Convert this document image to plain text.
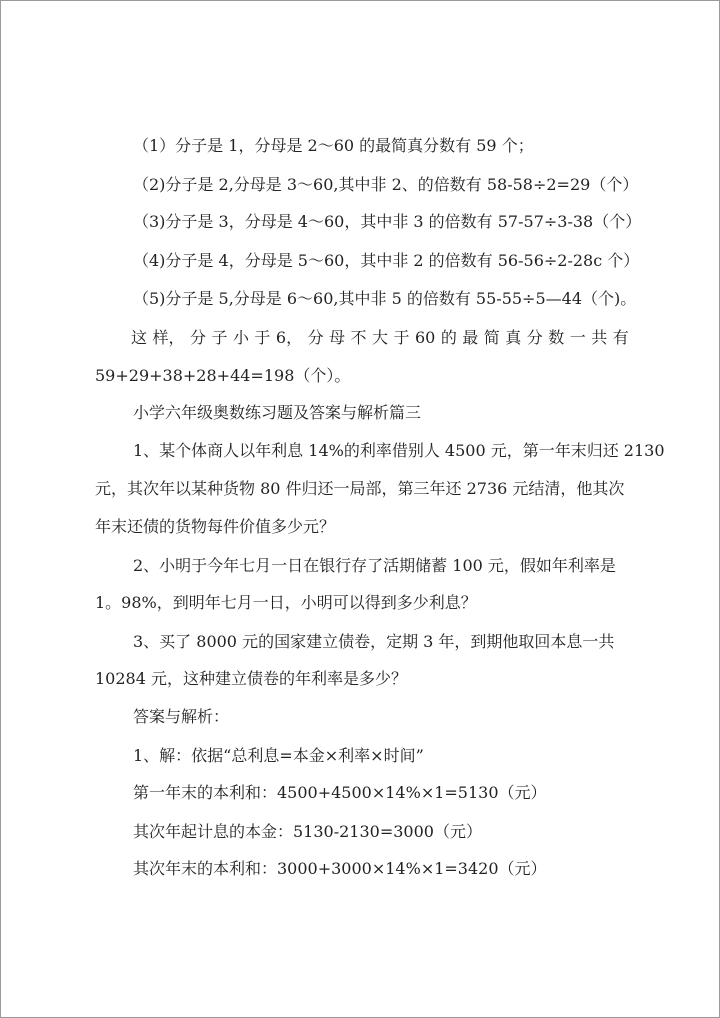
（1）分子是 1，分母是 2～60 的最简真分数有 59 个；
（2)分子是 2,分母是 3～60,其中非 2、的倍数有 58-58÷2=29（个）
（3)分子是 3，分母是 4～60，其中非 3 的倍数有 57-57÷3-38（个）
（4)分子是 4，分母是 5～60，其中非 2 的倍数有 56-56÷2-28c 个）
（5)分子是 5,分母是 6～60,其中非 5 的倍数有 55-55÷5—44（个)。
这 样， 分 子 小 于 6， 分 母 不 大 于 60 的 最 简 真 分 数 一 共 有
59+29+38+28+44=198（个）。
小学六年级奥数练习题及答案与解析篇三
1、某个体商人以年利息 14%的利率借别人 4500 元，第一年末归还 2130
元，其次年以某种货物 80 件归还一局部，第三年还 2736 元结清，他其次
年末还债的货物每件价值多少元？
2、小明于今年七月一日在银行存了活期储蓄 100 元，假如年利率是
1。98%，到明年七月一日，小明可以得到多少利息？
3、买了 8000 元的国家建立债卷，定期 3 年，到期他取回本息一共
10284 元，这种建立债卷的年利率是多少？
答案与解析：
1、解：依据“总利息=本金×利率×时间”
第一年末的本利和：4500+4500×14%×1=5130（元）
其次年起计息的本金：5130-2130=3000（元）
其次年末的本利和：3000+3000×14%×1=3420（元）
